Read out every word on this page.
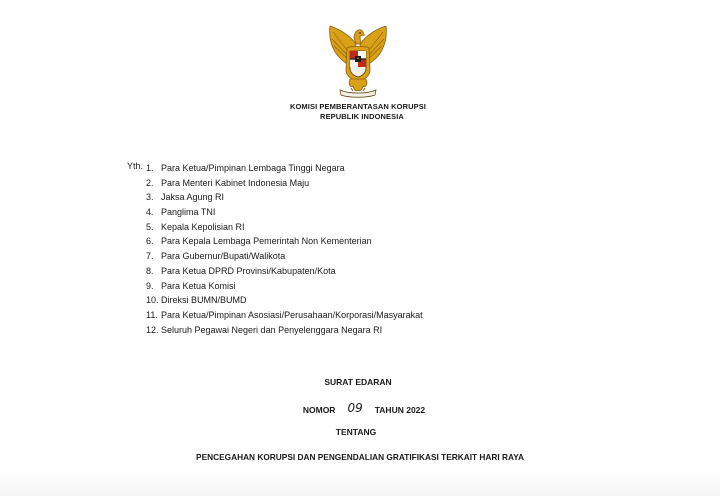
KOMISI PEMBERANTASAN KORUPSI
REPUBLIK INDONESIA
Yth. 1. Para Ketua/Pimpinan Lembaga Tinggi Negara
2. Para Menteri Kabinet Indonesia Maju
3. Jaksa Agung RI
4. Panglima TNI
5. Kepala Kepolisian RI
6. Para Kepala Lembaga Pemerintah Non Kementerian
7. Para Gubernur/Bupati/Walikota
8. Para Ketua DPRD Provinsi/Kabupaten/Kota
9. Para Ketua Komisi
10. Direksi BUMN/BUMD
11. Para Ketua/Pimpinan Asosiasi/Perusahaan/Korporasi/Masyarakat
12. Seluruh Pegawai Negeri dan Penyelenggara Negara RI
SURAT EDARAN
NOMOR 09 TAHUN 2022
TENTANG
PENCEGAHAN KORUPSI DAN PENGENDALIAN GRATIFIKASI TERKAIT HARI RAYA
